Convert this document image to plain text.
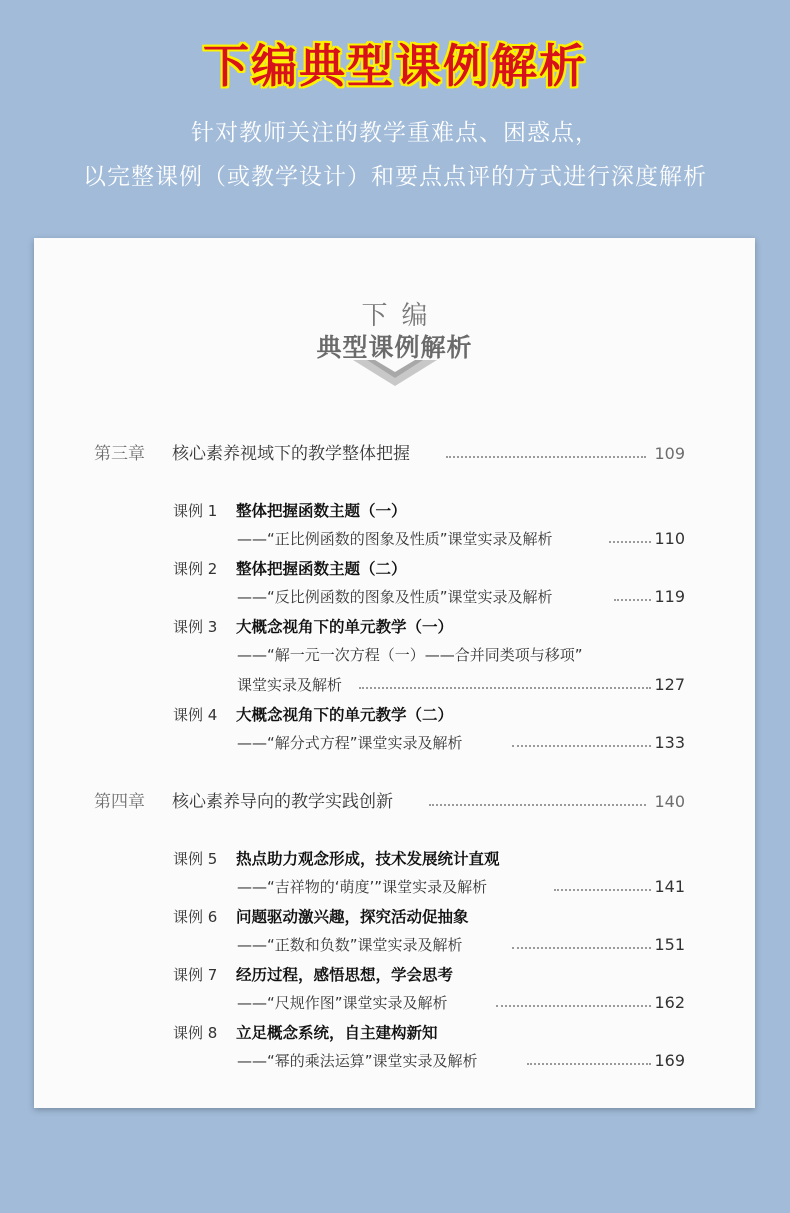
下编典型课例解析
针对教师关注的教学重难点、困惑点，
以完整课例（或教学设计）和要点点评的方式进行深度解析
下编
典型课例解析
第三章 核心素养视域下的教学整体把握	109
课例 1 整体把握函数主题（一）
——“正比例函数的图象及性质”课堂实录及解析	110
课例 2 整体把握函数主题（二）
——“反比例函数的图象及性质”课堂实录及解析	119
课例 3 大概念视角下的单元教学（一）
——“解一元一次方程（一）——合并同类项与移项”
课堂实录及解析	127
课例 4 大概念视角下的单元教学（二）
——“解分式方程”课堂实录及解析	133
第四章 核心素养导向的教学实践创新	140
课例 5 热点助力观念形成，技术发展统计直观
——“吉祥物的‘萌度’”课堂实录及解析	141
课例 6 问题驱动激兴趣，探究活动促抽象
——“正数和负数”课堂实录及解析	151
课例 7 经历过程，感悟思想，学会思考
——“尺规作图”课堂实录及解析	162
课例 8 立足概念系统，自主建构新知
——“幂的乘法运算”课堂实录及解析	169
